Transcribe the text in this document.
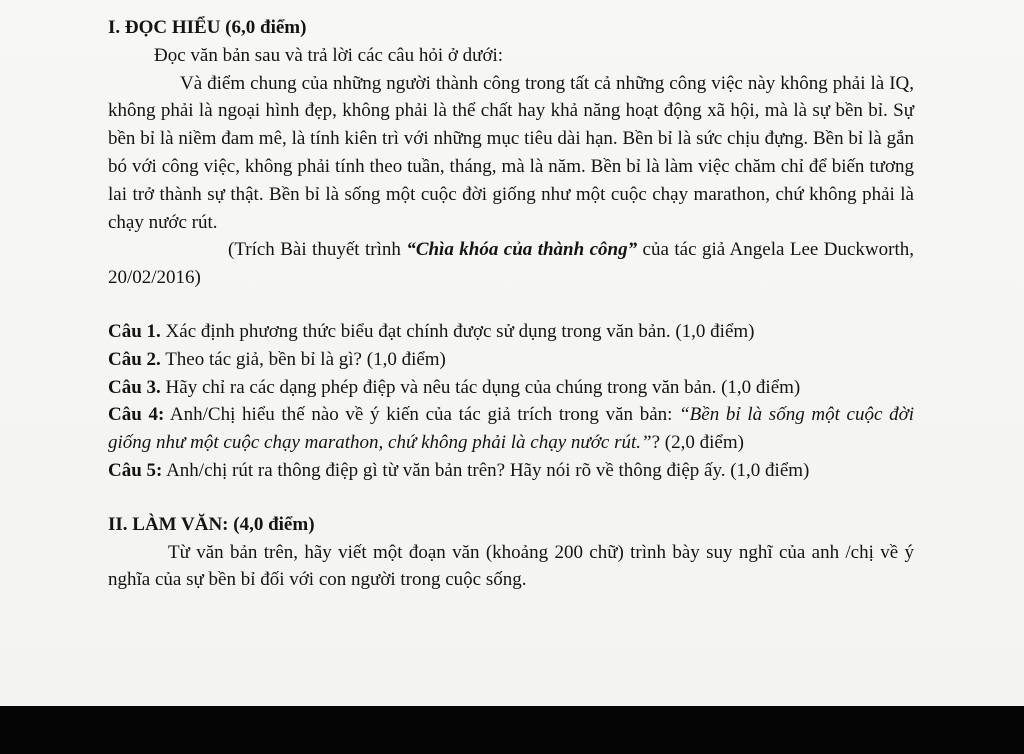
I. ĐỌC HIỂU (6,0 điểm)

Đọc văn bản sau và trả lời các câu hỏi ở dưới:

Và điểm chung của những người thành công trong tất cả những công việc này không phải là IQ, không phải là ngoại hình đẹp, không phải là thể chất hay khả năng hoạt động xã hội, mà là sự bền bỉ. Sự bền bỉ là niềm đam mê, là tính kiên trì với những mục tiêu dài hạn. Bền bỉ là sức chịu đựng. Bền bỉ là gắn bó với công việc, không phải tính theo tuần, tháng, mà là năm. Bền bỉ là làm việc chăm chỉ để biến tương lai trở thành sự thật. Bền bỉ là sống một cuộc đời giống như một cuộc chạy marathon, chứ không phải là chạy nước rút.

(Trích Bài thuyết trình “Chìa khóa của thành công” của tác giả Angela Lee Duckworth, 20/02/2016)

Câu 1. Xác định phương thức biểu đạt chính được sử dụng trong văn bản. (1,0 điểm)

Câu 2. Theo tác giả, bền bỉ là gì? (1,0 điểm)

Câu 3. Hãy chỉ ra các dạng phép điệp và nêu tác dụng của chúng trong văn bản. (1,0 điểm)

Câu 4: Anh/Chị hiểu thế nào về ý kiến của tác giả trích trong văn bản: “Bền bỉ là sống một cuộc đời giống như một cuộc chạy marathon, chứ không phải là chạy nước rút.”? (2,0 điểm)

Câu 5: Anh/chị rút ra thông điệp gì từ văn bản trên? Hãy nói rõ về thông điệp ấy. (1,0 điểm)

II. LÀM VĂN: (4,0 điểm)

Từ văn bản trên, hãy viết một đoạn văn (khoảng 200 chữ) trình bày suy nghĩ của anh /chị về ý nghĩa của sự bền bỉ đối với con người trong cuộc sống.
